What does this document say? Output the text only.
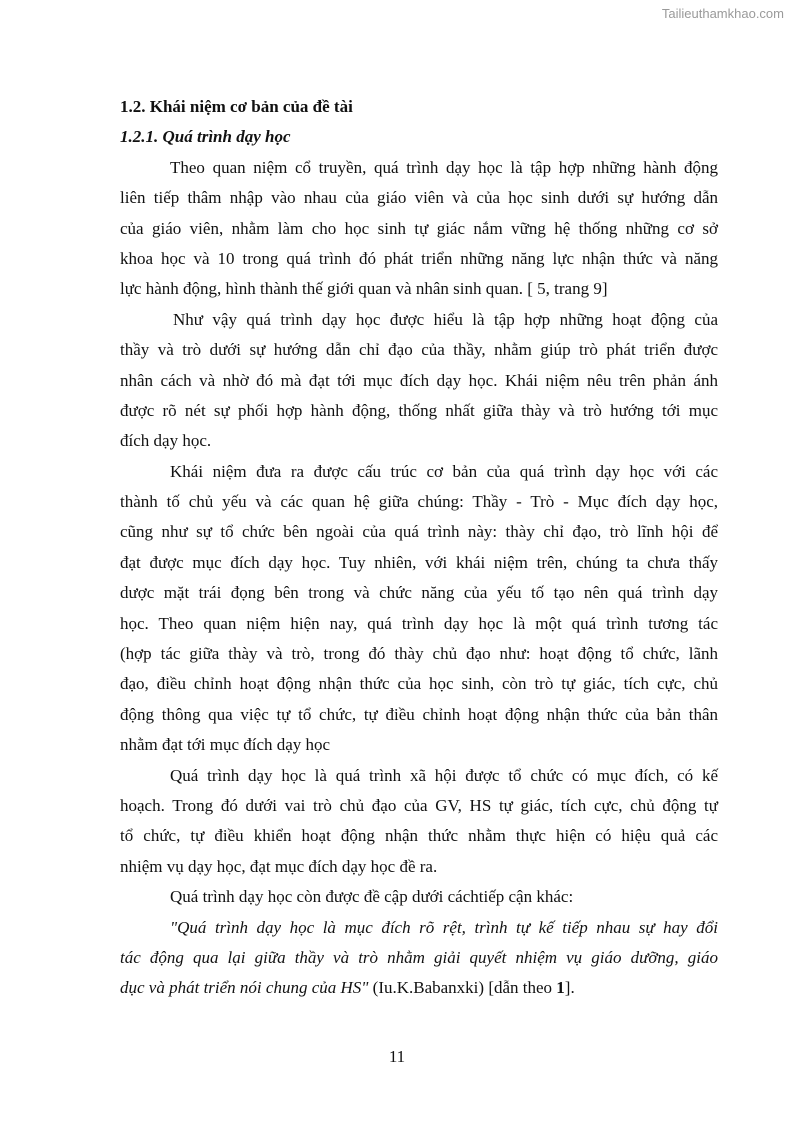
Tailieuthamkhao.com
1.2. Khái niệm cơ bản của đề tài
1.2.1. Quá trình dạy học
Theo quan niệm cổ truyền, quá trình dạy học là tập hợp những hành động
liên tiếp thâm nhập vào nhau của giáo viên và của học sinh dưới sự hướng dẫn
của giáo viên, nhằm làm cho học sinh tự giác nắm vững hệ thống những cơ sở
khoa học và 10 trong quá trình đó phát triển những năng lực nhận thức và năng
lực hành động, hình thành thế giới quan và nhân sinh quan. [ 5, trang 9]
Như vậy quá trình dạy học được hiểu là tập hợp những hoạt động của
thầy và trò dưới sự hướng dẫn chỉ đạo của thầy, nhằm giúp trò phát triển được
nhân cách và nhờ đó mà đạt tới mục đích dạy học. Khái niệm nêu trên phản ánh
được rõ nét sự phối hợp hành động, thống nhất giữa thày và trò hướng tới mục
đích dạy học.
Khái niệm đưa ra được cấu trúc cơ bản của quá trình dạy học với các
thành tố chủ yếu và các quan hệ giữa chúng: Thầy - Trò - Mục đích dạy học,
cũng như sự tổ chức bên ngoài của quá trình này: thày chỉ đạo, trò lĩnh hội để
đạt được mục đích dạy học. Tuy nhiên, với khái niệm trên, chúng ta chưa thấy
dược mặt trái đọng bên trong và chức năng của yếu tố tạo nên quá trình dạy
học. Theo quan niệm hiện nay, quá trình dạy học là một quá trình tương tác
(hợp tác giữa thày và trò, trong đó thày chủ đạo như: hoạt động tổ chức, lãnh
đạo, điều chỉnh hoạt động nhận thức của học sinh, còn trò tự giác, tích cực, chủ
động thông qua việc tự tổ chức, tự điều chỉnh hoạt động nhận thức của bản thân
nhằm đạt tới mục đích dạy học
Quá trình dạy học là quá trình xã hội được tổ chức có mục đích, có kế
hoạch. Trong đó dưới vai trò chủ đạo của GV, HS tự giác, tích cực, chủ động tự
tổ chức, tự điều khiển hoạt động nhận thức nhằm thực hiện có hiệu quả các
nhiệm vụ dạy học, đạt mục đích dạy học đề ra.
Quá trình dạy học còn được đề cập dưới cáchtiếp cận khác:
"Quá trình dạy học là mục đích rõ rệt, trình tự kế tiếp nhau sự hay đổi
tác động qua lại giữa thầy và trò nhằm giải quyết nhiệm vụ giáo dưỡng, giáo
dục và phát triển nói chung của HS" (Iu.K.Babanxki) [dẫn theo 1].
11
